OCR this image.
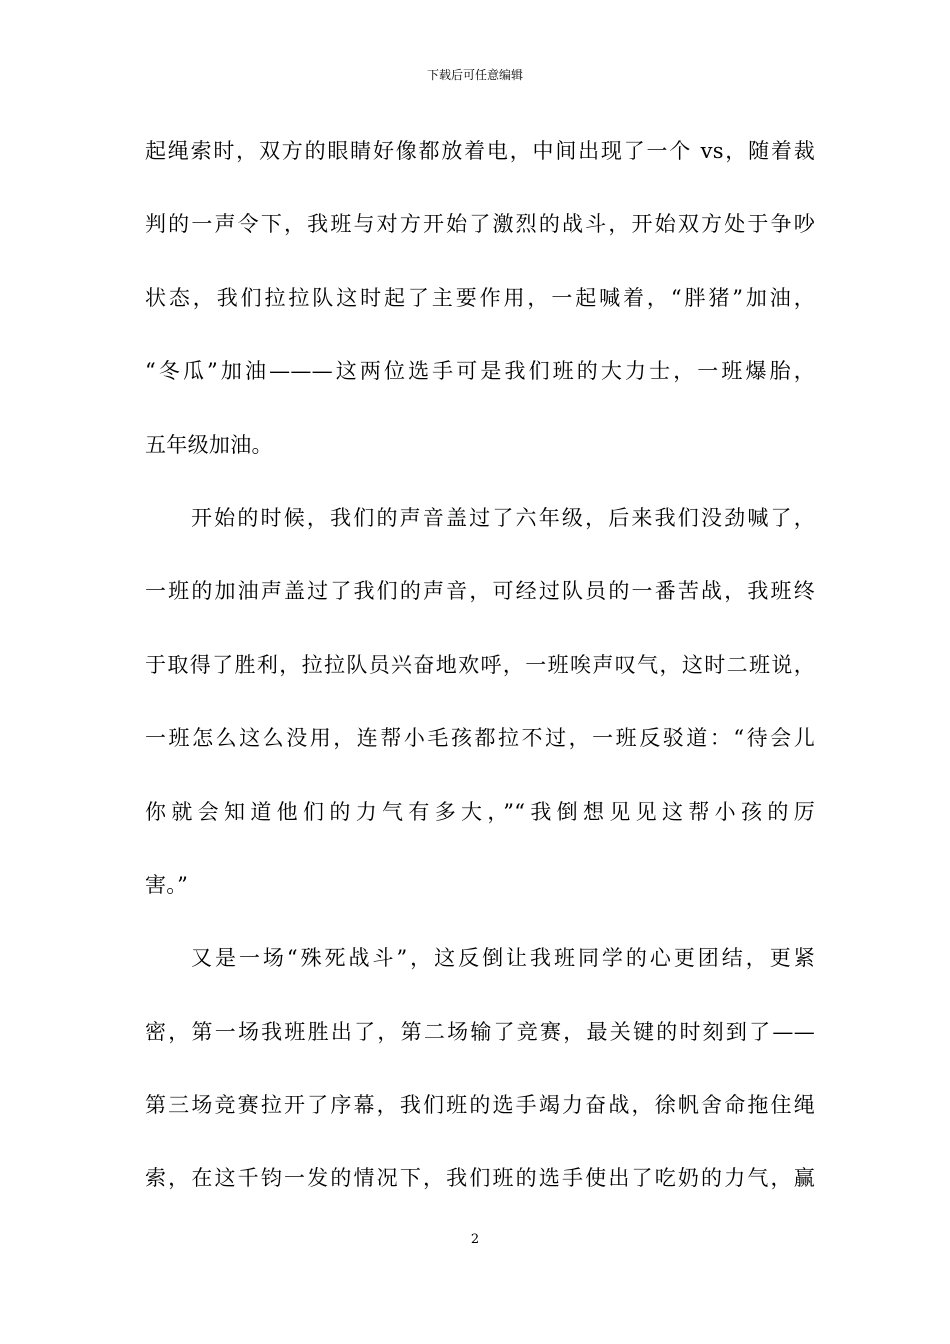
下载后可任意编辑
起绳索时，双方的眼睛好像都放着电，中间出现了一个 vs，随着裁
判的一声令下，我班与对方开始了激烈的战斗，开始双方处于争吵
状态，我们拉拉队这时起了主要作用，一起喊着，“胖猪”加油，
“冬瓜”加油———这两位选手可是我们班的大力士，一班爆胎，
五年级加油。
开始的时候，我们的声音盖过了六年级，后来我们没劲喊了，
一班的加油声盖过了我们的声音，可经过队员的一番苦战，我班终
于取得了胜利，拉拉队员兴奋地欢呼，一班唉声叹气，这时二班说，
一班怎么这么没用，连帮小毛孩都拉不过，一班反驳道：“待会儿
你就会知道他们的力气有多大，”“我倒想见见这帮小孩的厉
害。”
又是一场“殊死战斗”，这反倒让我班同学的心更团结，更紧
密，第一场我班胜出了，第二场输了竞赛，最关键的时刻到了——
第三场竞赛拉开了序幕，我们班的选手竭力奋战，徐帆舍命拖住绳
索，在这千钧一发的情况下，我们班的选手使出了吃奶的力气，赢
2
